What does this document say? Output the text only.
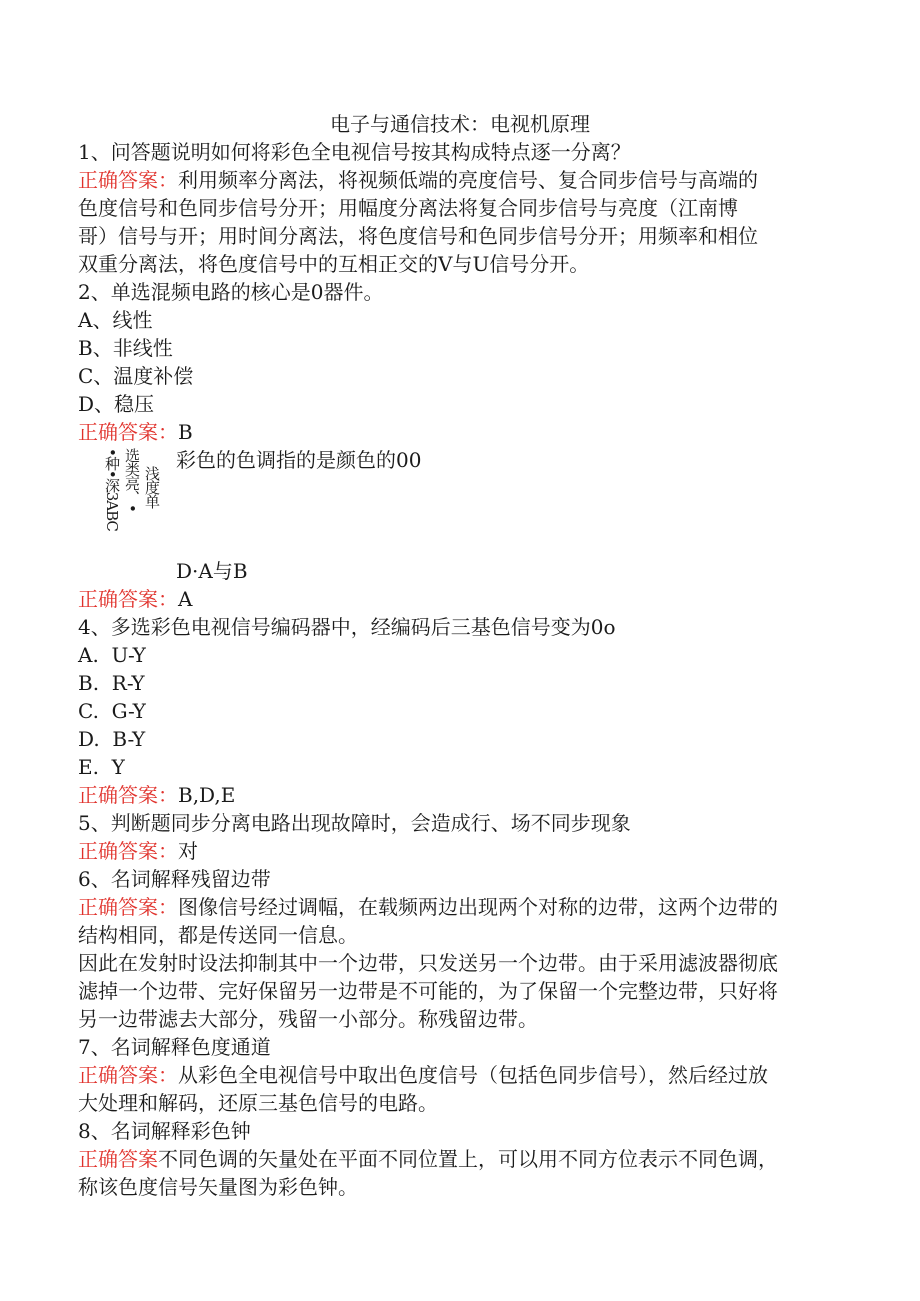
电子与通信技术：电视机原理
1、问答题说明如何将彩色全电视信号按其构成特点逐一分离？
正确答案：利用频率分离法，将视频低端的亮度信号、复合同步信号与高端的
色度信号和色同步信号分开；用幅度分离法将复合同步信号与亮度（江南博
哥）信号与开；用时间分离法，将色度信号和色同步信号分开；用频率和相位
双重分离法，将色度信号中的互相正交的V与U信号分开。
2、单选混频电路的核心是0器件。
A、线性
B、非线性
C、温度补偿
D、稳压
正确答案：B
•种•深3ABC 选类亮、• 浅度单
彩色的色调指的是颜色的00
D·A与B
正确答案：A
4、多选彩色电视信号编码器中，经编码后三基色信号变为0o
A.  U-Y
B.  R-Y
C.  G-Y
D.  B-Y
E.  Y
正确答案：B,D,E
5、判断题同步分离电路出现故障时，会造成行、场不同步现象
正确答案：对
6、名词解释残留边带
正确答案：图像信号经过调幅，在载频两边出现两个对称的边带，这两个边带的
结构相同，都是传送同一信息。
因此在发射时设法抑制其中一个边带，只发送另一个边带。由于采用滤波器彻底
滤掉一个边带、完好保留另一边带是不可能的，为了保留一个完整边带，只好将
另一边带滤去大部分，残留一小部分。称残留边带。
7、名词解释色度通道
正确答案：从彩色全电视信号中取出色度信号（包括色同步信号），然后经过放
大处理和解码，还原三基色信号的电路。
8、名词解释彩色钟
正确答案不同色调的矢量处在平面不同位置上，可以用不同方位表示不同色调，
称该色度信号矢量图为彩色钟。
